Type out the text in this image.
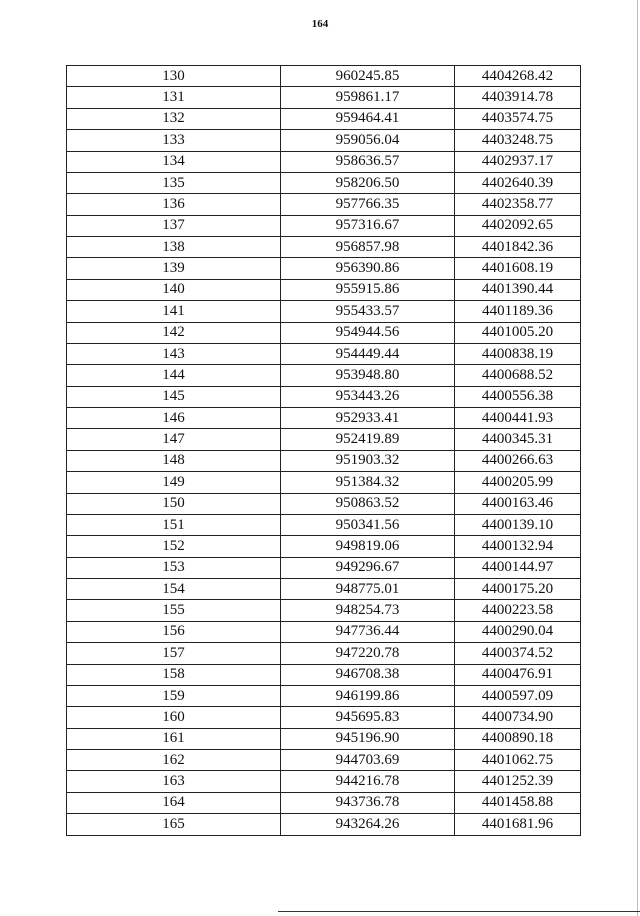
164
130	960245.85	4404268.42
131	959861.17	4403914.78
132	959464.41	4403574.75
133	959056.04	4403248.75
134	958636.57	4402937.17
135	958206.50	4402640.39
136	957766.35	4402358.77
137	957316.67	4402092.65
138	956857.98	4401842.36
139	956390.86	4401608.19
140	955915.86	4401390.44
141	955433.57	4401189.36
142	954944.56	4401005.20
143	954449.44	4400838.19
144	953948.80	4400688.52
145	953443.26	4400556.38
146	952933.41	4400441.93
147	952419.89	4400345.31
148	951903.32	4400266.63
149	951384.32	4400205.99
150	950863.52	4400163.46
151	950341.56	4400139.10
152	949819.06	4400132.94
153	949296.67	4400144.97
154	948775.01	4400175.20
155	948254.73	4400223.58
156	947736.44	4400290.04
157	947220.78	4400374.52
158	946708.38	4400476.91
159	946199.86	4400597.09
160	945695.83	4400734.90
161	945196.90	4400890.18
162	944703.69	4401062.75
163	944216.78	4401252.39
164	943736.78	4401458.88
165	943264.26	4401681.96
